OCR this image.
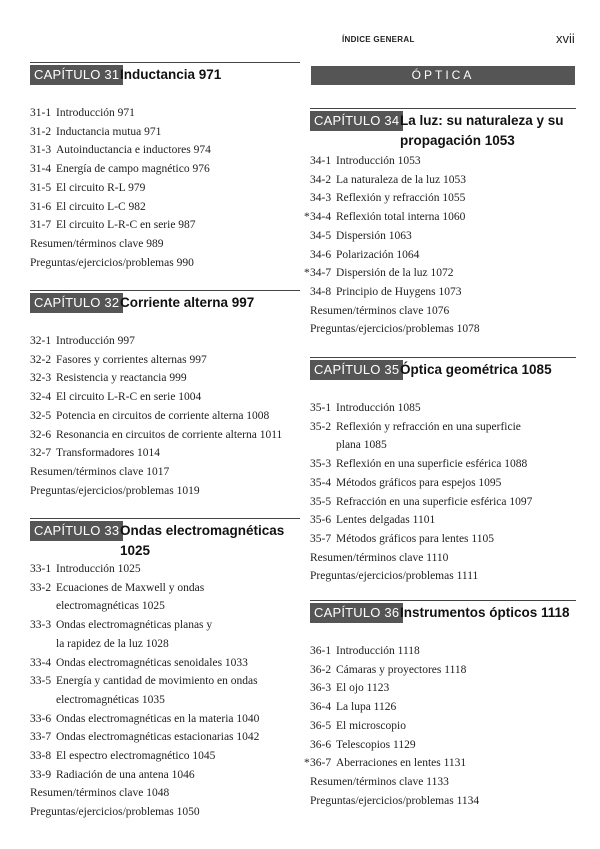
ÍNDICE GENERAL	xvii
ÓPTICA
CAPÍTULO 31 Inductancia 971
31-1 Introducción 971
31-2 Inductancia mutua 971
31-3 Autoinductancia e inductores 974
31-4 Energía de campo magnético 976
31-5 El circuito R-L 979
31-6 El circuito L-C 982
31-7 El circuito L-R-C en serie 987
Resumen/términos clave 989
Preguntas/ejercicios/problemas 990
CAPÍTULO 32 Corriente alterna 997
32-1 Introducción 997
32-2 Fasores y corrientes alternas 997
32-3 Resistencia y reactancia 999
32-4 El circuito L-R-C en serie 1004
32-5 Potencia en circuitos de corriente alterna 1008
32-6 Resonancia en circuitos de corriente alterna 1011
32-7 Transformadores 1014
Resumen/términos clave 1017
Preguntas/ejercicios/problemas 1019
CAPÍTULO 33 Ondas electromagnéticas
1025
33-1 Introducción 1025
33-2 Ecuaciones de Maxwell y ondas
electromagnéticas 1025
33-3 Ondas electromagnéticas planas y
la rapidez de la luz 1028
33-4 Ondas electromagnéticas senoidales 1033
33-5 Energía y cantidad de movimiento en ondas
electromagnéticas 1035
33-6 Ondas electromagnéticas en la materia 1040
33-7 Ondas electromagnéticas estacionarias 1042
33-8 El espectro electromagnético 1045
33-9 Radiación de una antena 1046
Resumen/términos clave 1048
Preguntas/ejercicios/problemas 1050
CAPÍTULO 34 La luz: su naturaleza y su
propagación 1053
34-1 Introducción 1053
34-2 La naturaleza de la luz 1053
34-3 Reflexión y refracción 1055
* 34-4 Reflexión total interna 1060
34-5 Dispersión 1063
34-6 Polarización 1064
* 34-7 Dispersión de la luz 1072
34-8 Principio de Huygens 1073
Resumen/términos clave 1076
Preguntas/ejercicios/problemas 1078
CAPÍTULO 35 Óptica geométrica 1085
35-1 Introducción 1085
35-2 Reflexión y refracción en una superficie
plana 1085
35-3 Reflexión en una superficie esférica 1088
35-4 Métodos gráficos para espejos 1095
35-5 Refracción en una superficie esférica 1097
35-6 Lentes delgadas 1101
35-7 Métodos gráficos para lentes 1105
Resumen/términos clave 1110
Preguntas/ejercicios/problemas 1111
CAPÍTULO 36 Instrumentos ópticos 1118
36-1 Introducción 1118
36-2 Cámaras y proyectores 1118
36-3 El ojo 1123
36-4 La lupa 1126
36-5 El microscopio
36-6 Telescopios 1129
* 36-7 Aberraciones en lentes 1131
Resumen/términos clave 1133
Preguntas/ejercicios/problemas 1134
